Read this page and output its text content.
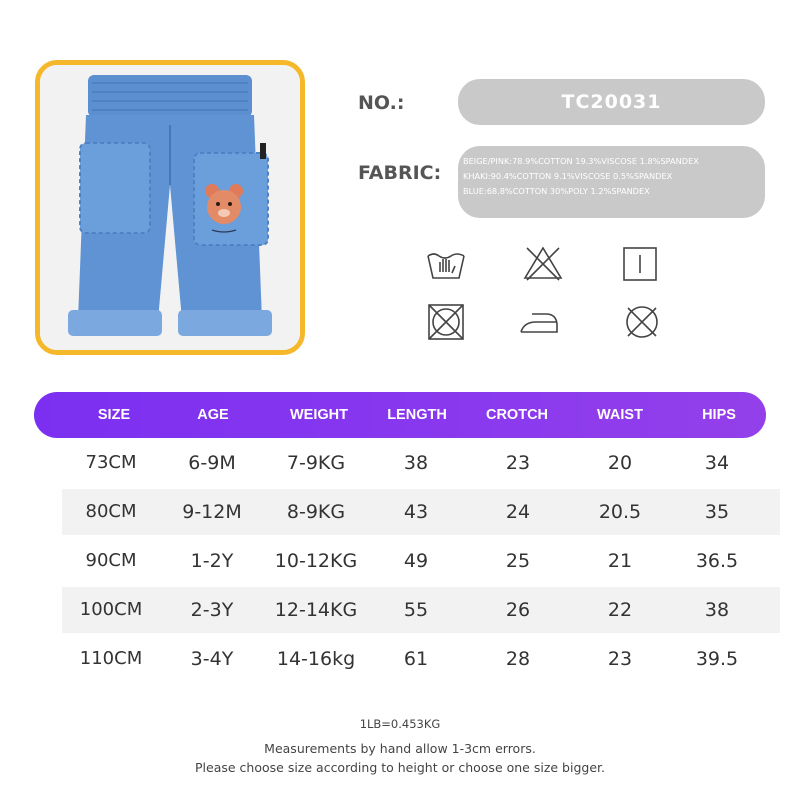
NO.:	TC20031
FABRIC:
BEIGE/PINK:78.9%COTTON 19.3%VISCOSE 1.8%SPANDEX
KHAKI:90.4%COTTON 9.1%VISCOSE 0.5%SPANDEX
BLUE:68.8%COTTON 30%POLY 1.2%SPANDEX
SIZE	AGE	WEIGHT	LENGTH	CROTCH	WAIST	HIPS
73CM	6-9M	7-9KG	38	23	20	34
80CM 9-12M 8-9KG	43	24	20.5	35
90CM	1-2Y 10-12KG 49	25	21	36.5
100CM	2-3Y 12-14KG 55	26	22	38
110CM	3-4Y 14-16kg	61	28	23	39.5
1LB=0.453KG
Measurements by hand allow 1-3cm errors.
Please choose size according to height or choose one size bigger.
